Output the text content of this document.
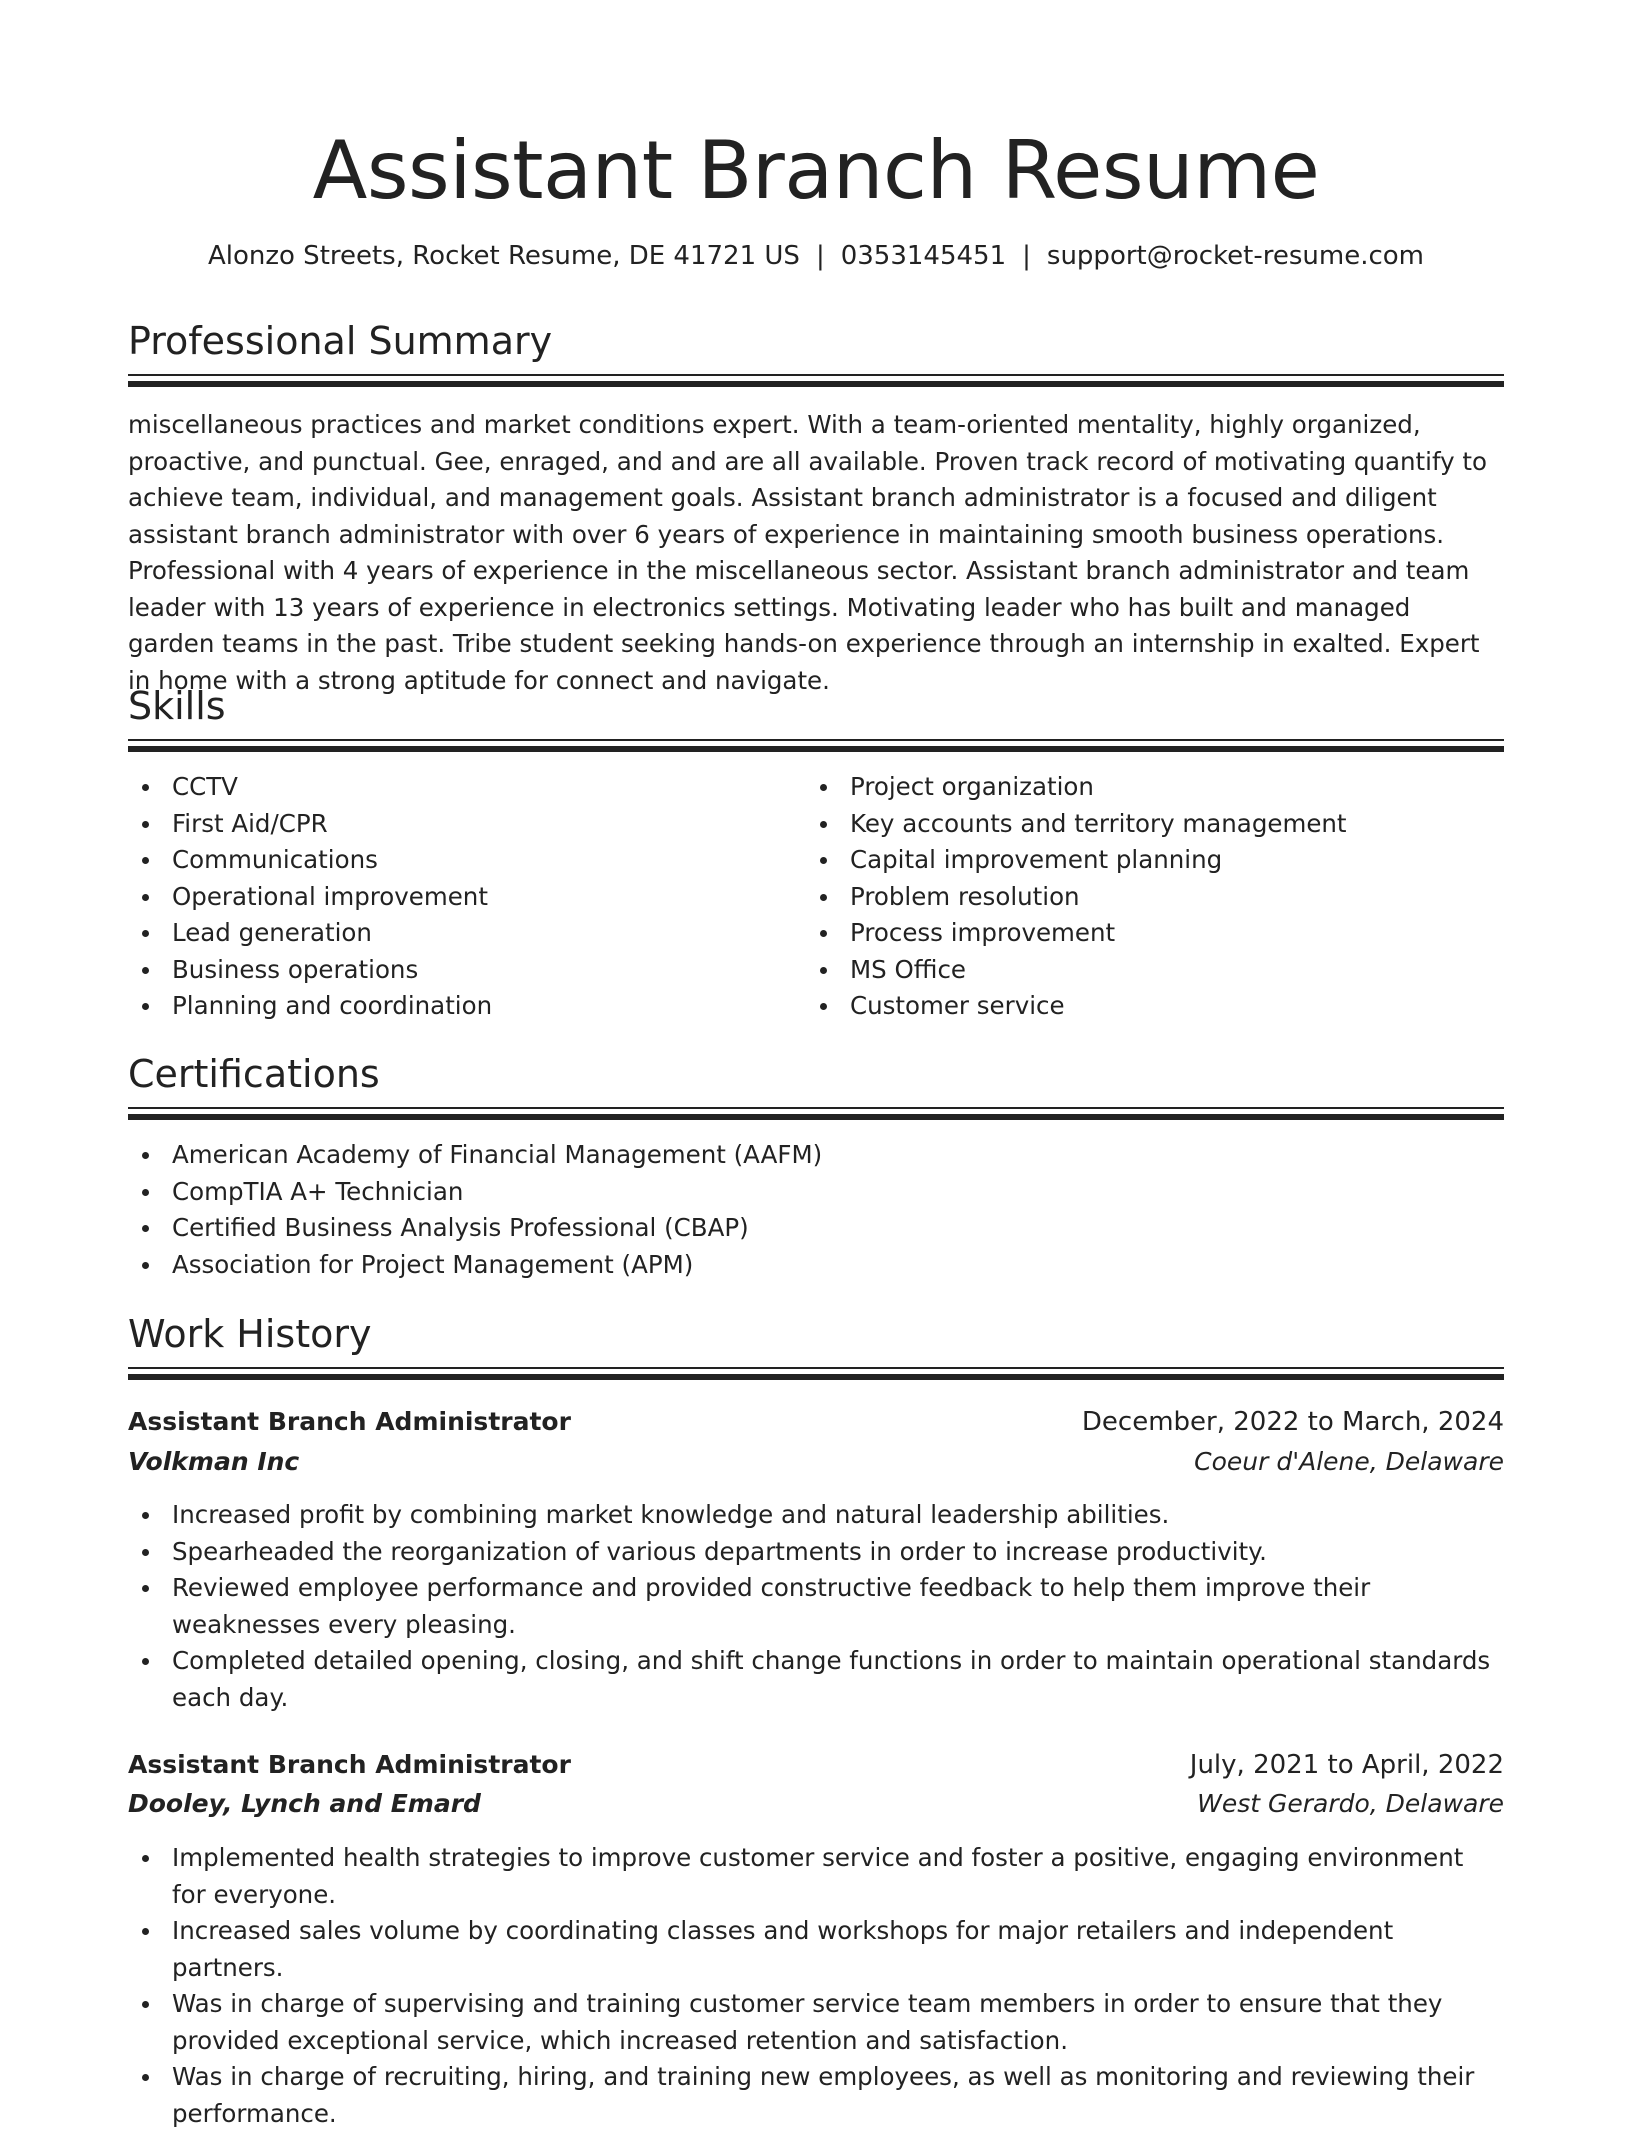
Assistant Branch Resume
Alonzo Streets, Rocket Resume, DE 41721 US | 0353145451 | support@rocket-resume.com
Professional Summary

miscellaneous practices and market conditions expert. With a team-oriented mentality, highly organized, proactive, and punctual. Gee, enraged, and and are all available. Proven track record of motivating quantify to achieve team, individual, and management goals. Assistant branch administrator is a focused and diligent assistant branch administrator with over 6 years of experience in maintaining smooth business operations. Professional with 4 years of experience in the miscellaneous sector. Assistant branch administrator and team leader with 13 years of experience in electronics settings. Motivating leader who has built and managed garden teams in the past. Tribe student seeking hands-on experience through an internship in exalted. Expert in home with a strong aptitude for connect and navigate.

Skills
CCTV
First Aid/CPR
Communications
Operational improvement
Lead generation
Business operations
Planning and coordination
Project organization
Key accounts and territory management
Capital improvement planning
Problem resolution
Process improvement
MS Office
Customer service
Certifications
American Academy of Financial Management (AAFM)
CompTIA A+ Technician
Certified Business Analysis Professional (CBAP)
Association for Project Management (APM)
Work History
Assistant Branch Administrator	December, 2022 to March, 2024
Volkman Inc	Coeur d'Alene, Delaware
Increased profit by combining market knowledge and natural leadership abilities.
Spearheaded the reorganization of various departments in order to increase productivity.
Reviewed employee performance and provided constructive feedback to help them improve their weaknesses every pleasing.
Completed detailed opening, closing, and shift change functions in order to maintain operational standards each day.
Assistant Branch Administrator	July, 2021 to April, 2022
Dooley, Lynch and Emard	West Gerardo, Delaware
Implemented health strategies to improve customer service and foster a positive, engaging environment for everyone.
Increased sales volume by coordinating classes and workshops for major retailers and independent partners.
Was in charge of supervising and training customer service team members in order to ensure that they provided exceptional service, which increased retention and satisfaction.
Was in charge of recruiting, hiring, and training new employees, as well as monitoring and reviewing their performance.
